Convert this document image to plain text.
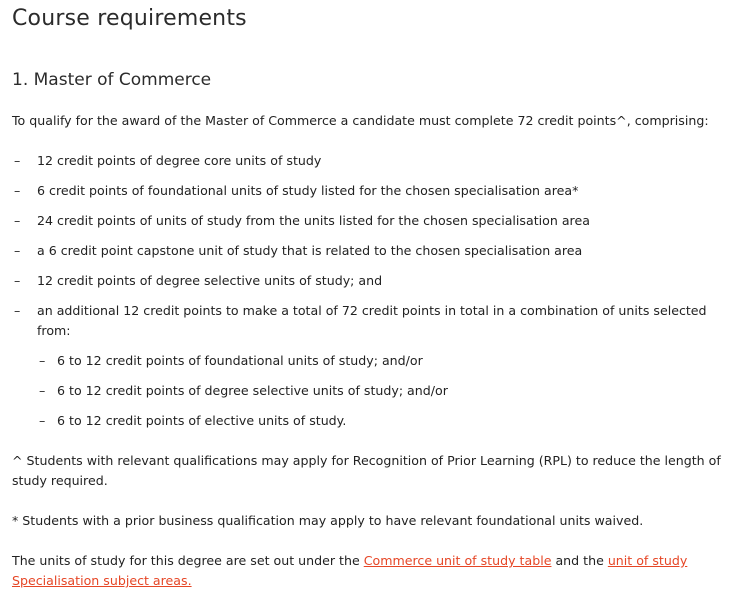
Course requirements
1. Master of Commerce

To qualify for the award of the Master of Commerce a candidate must complete 72 credit points^, comprising:

– 12 credit points of degree core units of study
– 6 credit points of foundational units of study listed for the chosen specialisation area*
– 24 credit points of units of study from the units listed for the chosen specialisation area
– a 6 credit point capstone unit of study that is related to the chosen specialisation area
– 12 credit points of degree selective units of study; and
– an additional 12 credit points to make a total of 72 credit points in total in a combination of units selected from:
– 6 to 12 credit points of foundational units of study; and/or
– 6 to 12 credit points of degree selective units of study; and/or
– 6 to 12 credit points of elective units of study.

^ Students with relevant qualifications may apply for Recognition of Prior Learning (RPL) to reduce the length of study required.

* Students with a prior business qualification may apply to have relevant foundational units waived.

The units of study for this degree are set out under the Commerce unit of study table and the unit of study Specialisation subject areas.
